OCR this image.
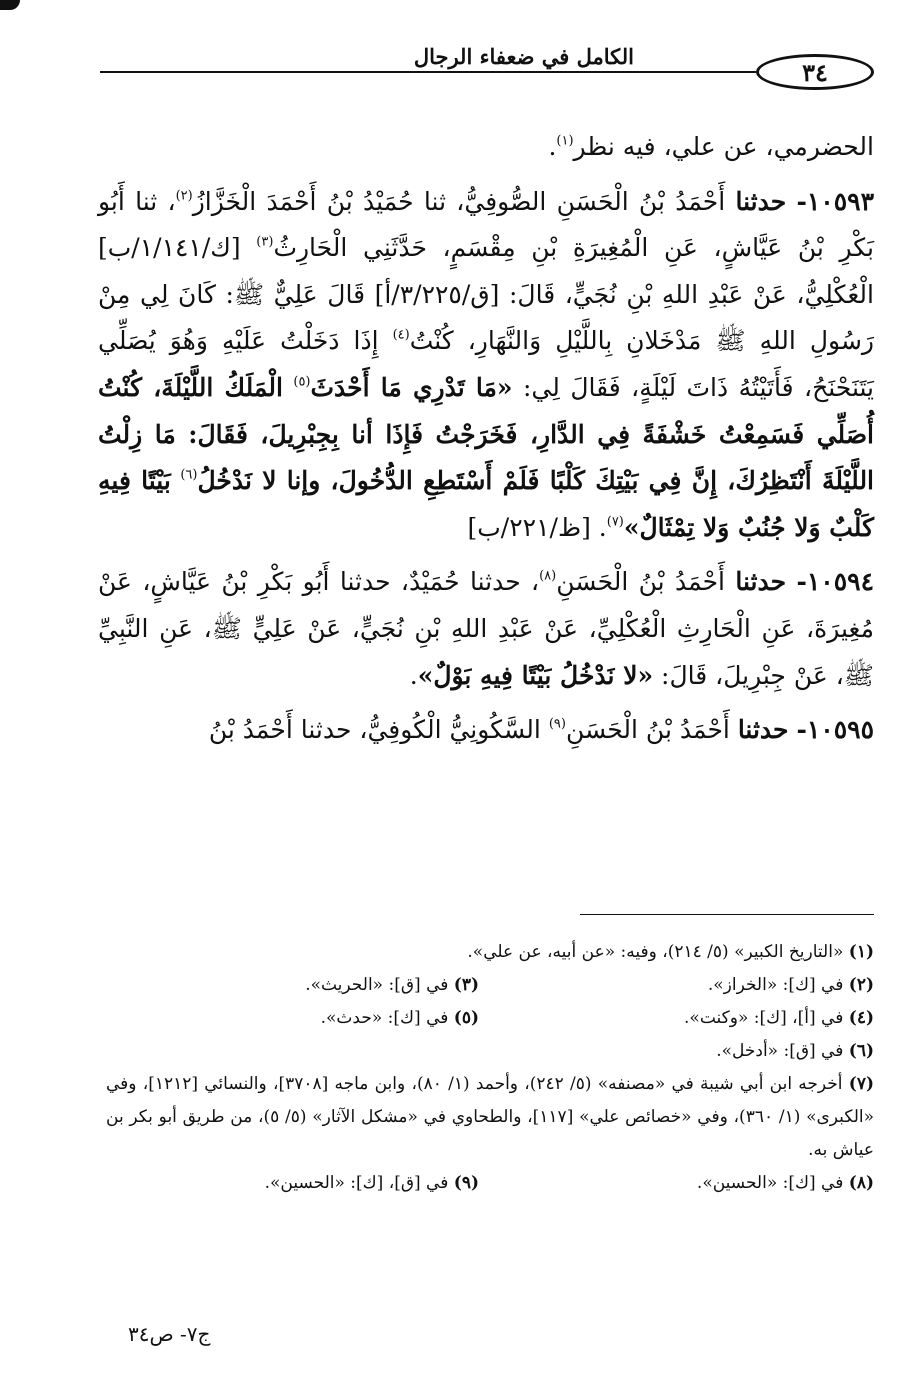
الكامل في ضعفاء الرجال
٣٤

الحضرمي، عن علي، فيه نظر$^{(١)}$.

١٠٥٩٣- حدثنا أَحْمَدُ بْنُ الْحَسَنِ الصُّوفِيُّ، ثنا حُمَيْدُ بْنُ أَحْمَدَ الْخَزَّازُ$^{(٢)}$، ثنا أَبُو بَكْرِ بْنُ عَيَّاشٍ، عَنِ الْمُغِيرَةِ بْنِ مِقْسَمٍ، حَدَّثَنِي الْحَارِثُ$^{(٣)}$ [ك/١/١٤١/ب] الْعُكْلِيُّ، عَنْ عَبْدِ اللهِ بْنِ نُجَيٍّ، قَالَ: [ق/٣/٢٢٥/أ] قَالَ عَلِيٌّ ﷺ: كَانَ لِي مِنْ رَسُولِ اللهِ ﷺ مَدْخَلانِ بِاللَّيْلِ وَالنَّهَارِ، كُنْتُ$^{(٤)}$ إِذَا دَخَلْتُ عَلَيْهِ وَهُوَ يُصَلِّي يَتَنَحْنَحُ، فَأَتَيْتُهُ ذَاتَ لَيْلَةٍ، فَقَالَ لِي: «مَا تَدْرِي مَا أَحْدَثَ$^{(٥)}$ الْمَلَكُ اللَّيْلَةَ، كُنْتُ أُصَلِّي فَسَمِعْتُ خَشْفَةً فِي الدَّارِ، فَخَرَجْتُ فَإِذَا أنا بِجِبْرِيلَ، فَقَالَ: مَا زِلْتُ اللَّيْلَةَ أَنْتَظِرُكَ، إِنَّ فِي بَيْتِكَ كَلْبًا فَلَمْ أَسْتَطِعِ الدُّخُولَ، وإنا لا نَدْخُلُ$^{(٦)}$ بَيْتًا فِيهِ كَلْبٌ وَلا جُنُبٌ وَلا تِمْثَالٌ»$^{(٧)}$. [ظ/٢٢١/ب]

١٠٥٩٤- حدثنا أَحْمَدُ بْنُ الْحَسَنِ$^{(٨)}$، حدثنا حُمَيْدٌ، حدثنا أَبُو بَكْرِ بْنُ عَيَّاشٍ، عَنْ مُغِيرَةَ، عَنِ الْحَارِثِ الْعُكْلِيِّ، عَنْ عَبْدِ اللهِ بْنِ نُجَيٍّ، عَنْ عَلِيٍّ ﷺ، عَنِ النَّبِيِّ ﷺ، عَنْ جِبْرِيلَ، قَالَ: «لا نَدْخُلُ بَيْتًا فِيهِ بَوْلٌ».

١٠٥٩٥- حدثنا أَحْمَدُ بْنُ الْحَسَنِ$^{(٩)}$ السَّكُونِيُّ الْكُوفِيُّ، حدثنا أَحْمَدُ بْنُ

(١) «التاريخ الكبير» (٥/ ٢١٤)، وفيه: «عن أبيه، عن علي».
(٢) في [ك]: «الخراز».
(٣) في [ق]: «الحريث».
(٤) في [أ]، [ك]: «وكنت».
(٥) في [ك]: «حدث».
(٦) في [ق]: «أدخل».
(٧) أخرجه ابن أبي شيبة في «مصنفه» (٥/ ٢٤٢)، وأحمد (١/ ٨٠)، وابن ماجه [٣٧٠٨]، والنسائي [١٢١٢]، وفي «الكبرى» (١/ ٣٦٠)، وفي «خصائص علي» [١١٧]، والطحاوي في «مشكل الآثار» (٥/ ٥)، من طريق أبو بكر بن عياش به.
(٨) في [ك]: «الحسين».
(٩) في [ق]، [ك]: «الحسين».
ج٧- ص٣٤
